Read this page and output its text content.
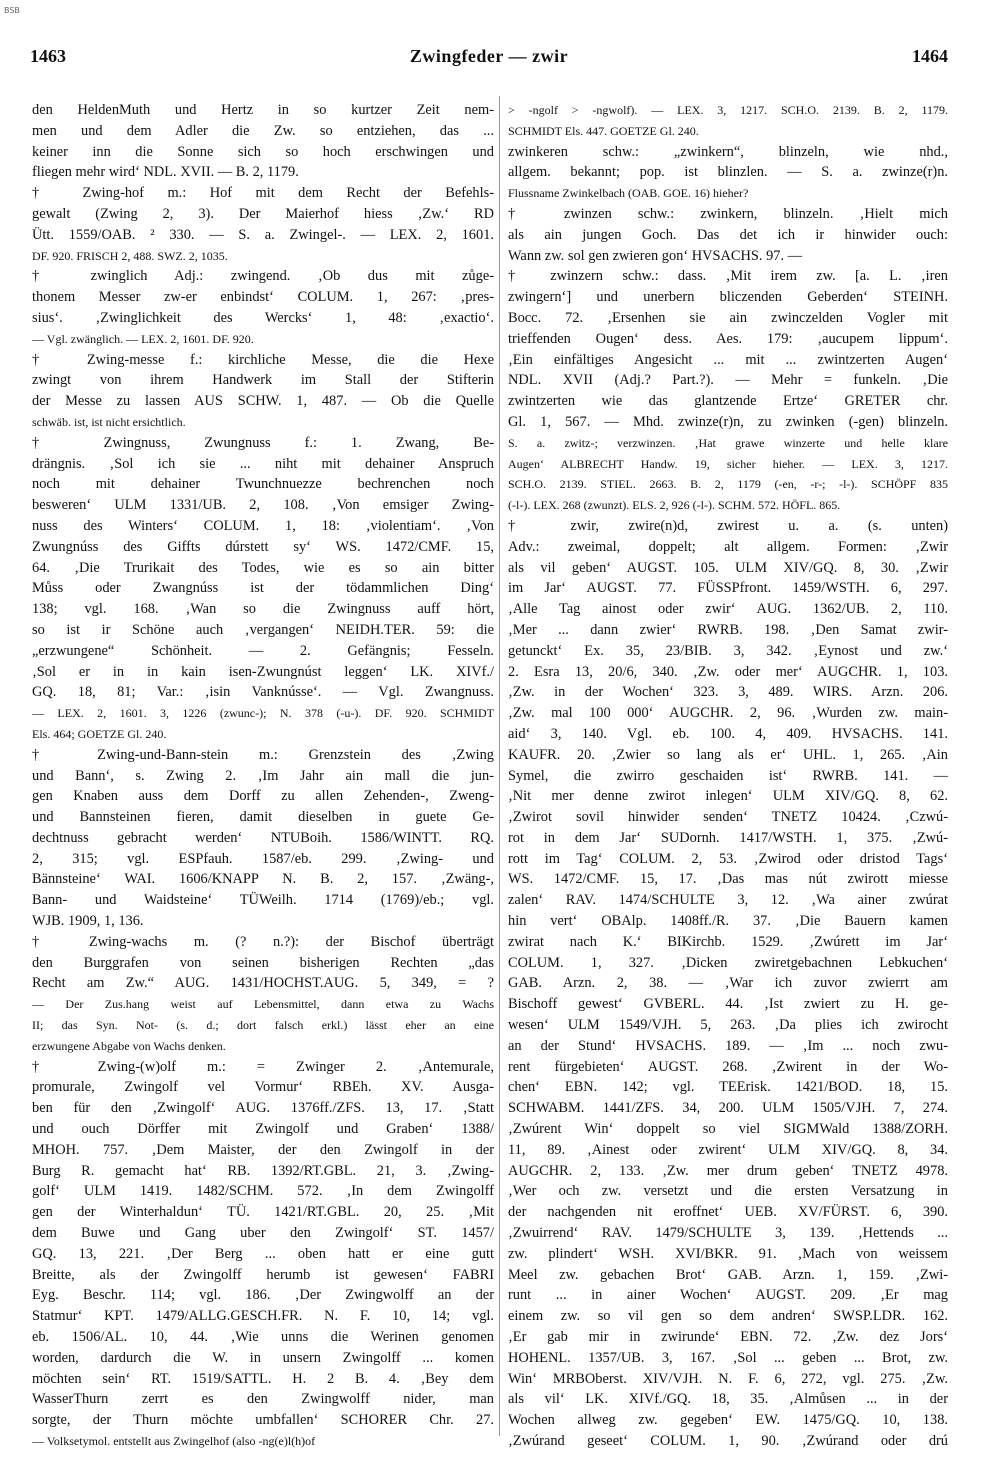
BSB
1463	Zwingfeder — zwir	1464
den HeldenMuth und Hertz in so kurtzer Zeit nem-
men und dem Adler die Zw. so entziehen, das ...
keiner inn die Sonne sich so hoch erschwingen und
fliegen mehr wird‘ NDL. XVII. — B. 2, 1179.
† Zwing-hof m.: Hof mit dem Recht der Befehls-
gewalt (Zwing 2, 3). Der Maierhof hiess ‚Zw.‘ RD
Ütt. 1559/OAB. ² 330. — S. a. Zwingel-. — LEX. 2, 1601.
DF. 920. FRISCH 2, 488. SWZ. 2, 1035.
† zwinglich Adj.: zwingend. ‚Ob dus mit zůge-
thonem Messer zw-er enbindst‘ COLUM. 1, 267: ‚pres-
sius‘. ‚Zwinglichkeit des Wercks‘ 1, 48: ‚exactio‘.
— Vgl. zwänglich. — LEX. 2, 1601. DF. 920.
† Zwing-messe f.: kirchliche Messe, die die Hexe
zwingt von ihrem Handwerk im Stall der Stifterin
der Messe zu lassen AUS SCHW. 1, 487. — Ob die Quelle
schwäb. ist, ist nicht ersichtlich.
† Zwingnuss, Zwungnuss f.: 1. Zwang, Be-
drängnis. ‚Sol ich sie ... niht mit dehainer Anspruch
noch mit dehainer Twunchnuezze bechrenchen noch
besweren‘ ULM 1331/UB. 2, 108. ‚Von emsiger Zwing-
nuss des Winters‘ COLUM. 1, 18: ‚violentiam‘. ‚Von
Zwungnúss des Giffts dúrstett sy‘ WS. 1472/CMF. 15,
64. ‚Die Trurikait des Todes, wie es so ain bitter
Můss oder Zwangnúss ist der tödammlichen Ding‘
138; vgl. 168. ‚Wan so die Zwingnuss auff hört,
so ist ir Schöne auch ‚vergangen‘ NEIDH.TER. 59: die
„erzwungene“ Schönheit. — 2. Gefängnis; Fesseln.
‚Sol er in in kain isen-Zwungnúst leggen‘ LK. XIVf./
GQ. 18, 81; Var.: ‚isin Vanknússe‘. — Vgl. Zwangnuss.
— LEX. 2, 1601. 3, 1226 (zwunc-); N. 378 (-u-). DF. 920. SCHMIDT
Els. 464; GOETZE Gl. 240.
† Zwing-und-Bann-stein m.: Grenzstein des ‚Zwing
und Bann‘, s. Zwing 2. ‚Im Jahr ain mall die jun-
gen Knaben auss dem Dorff zu allen Zehenden-, Zweng-
und Bannsteinen fieren, damit dieselben in guete Ge-
dechtnuss gebracht werden‘ NTUBoih. 1586/WINTT. RQ.
2, 315; vgl. ESPfauh. 1587/eb. 299. ‚Zwing- und
Bännsteine‘ WAI. 1606/KNAPP N. B. 2, 157. ‚Zwäng-,
Bann- und Waidsteine‘ TÜWeilh. 1714 (1769)/eb.; vgl.
WJB. 1909, 1, 136.
† Zwing-wachs m. (? n.?): der Bischof überträgt
den Burggrafen von seinen bisherigen Rechten „das
Recht am Zw.“ AUG. 1431/HOCHST.AUG. 5, 349, = ?
— Der Zus.hang weist auf Lebensmittel, dann etwa zu Wachs
II; das Syn. Not- (s. d.; dort falsch erkl.) lässt eher an eine
erzwungene Abgabe von Wachs denken.
† Zwing-(w)olf m.: = Zwinger 2. ‚Antemurale,
promurale, Zwingolf vel Vormur‘ RBEh. XV. Ausga-
ben für den ‚Zwingolf‘ AUG. 1376ff./ZFS. 13, 17. ‚Statt
und ouch Dörffer mit Zwingolf und Graben‘ 1388/
MHOH. 757. ‚Dem Maister, der den Zwingolf in der
Burg R. gemacht hat‘ RB. 1392/RT.GBL. 21, 3. ‚Zwing-
golf‘ ULM 1419. 1482/SCHM. 572. ‚In dem Zwingolff
gen der Winterhaldun‘ TÜ. 1421/RT.GBL. 20, 25. ‚Mit
dem Buwe und Gang uber den Zwingolf‘ ST. 1457/
GQ. 13, 221. ‚Der Berg ... oben hatt er eine gutt
Breitte, als der Zwingolff herumb ist gewesen‘ FABRI
Eyg. Beschr. 114; vgl. 186. ‚Der Zwingwolff an der
Statmur‘ KPT. 1479/ALLG.GESCH.FR. N. F. 10, 14; vgl.
eb. 1506/AL. 10, 44. ‚Wie unns die Werinen genomen
worden, dardurch die W. in unsern Zwingolff ... komen
möchten sein‘ RT. 1519/SATTL. H. 2 B. 4. ‚Bey dem
WasserThurn zerrt es den Zwingwolff nider, man
sorgte, der Thurn möchte umbfallen‘ SCHORER Chr. 27.
— Volksetymol. entstellt aus Zwingelhof (also -ng(e)l(h)of
> -ngolf > -ngwolf). — LEX. 3, 1217. SCH.O. 2139. B. 2, 1179.
SCHMIDT Els. 447. GOETZE Gl. 240.
zwinkeren schw.: „zwinkern“, blinzeln, wie nhd.,
allgem. bekannt; pop. ist blinzlen. — S. a. zwinze(r)n.
Flussname Zwinkelbach (OAB. GOE. 16) hieher?
† zwinzen schw.: zwinkern, blinzeln. ‚Hielt mich
als ain jungen Goch. Das det ich ir hinwider ouch:
Wann zw. sol gen zwieren gon‘ HVSACHS. 97. —
† zwinzern schw.: dass. ‚Mit irem zw. [a. L. ‚iren
zwingern‘] und unerbern bliczenden Geberden‘ STEINH.
Bocc. 72. ‚Ersenhen sie ain zwinczelden Vogler mit
trieffenden Ougen‘ dess. Aes. 179: ‚aucupem lippum‘.
‚Ein einfältiges Angesicht ... mit ... zwintzerten Augen‘
NDL. XVII (Adj.? Part.?). — Mehr = funkeln. ‚Die
zwintzerten wie das glantzende Ertze‘ GRETER chr.
Gl. 1, 567. — Mhd. zwinze(r)n, zu zwinken (-gen) blinzeln.
S. a. zwitz-; verzwinzen. ‚Hat grawe winzerte und helle klare
Augen‘ ALBRECHT Handw. 19, sicher hieher. — LEX. 3, 1217.
SCH.O. 2139. STIEL. 2663. B. 2, 1179 (-en, -r-; -l-). SCHÖPF 835
(-l-). LEX. 268 (zwunzt). ELS. 2, 926 (-l-). SCHM. 572. HÖFL. 865.
† zwir, zwire(n)d, zwirest u. a. (s. unten)
Adv.: zweimal, doppelt; alt allgem. Formen: ‚Zwir
als vil geben‘ AUGST. 105. ULM XIV/GQ. 8, 30. ‚Zwir
im Jar‘ AUGST. 77. FÜSSPfront. 1459/WSTH. 6, 297.
‚Alle Tag ainost oder zwir‘ AUG. 1362/UB. 2, 110.
‚Mer ... dann zwier‘ RWRB. 198. ‚Den Samat zwir-
getunckt‘ Ex. 35, 23/BIB. 3, 342. ‚Eynost und zw.‘
2. Esra 13, 20/6, 340. ‚Zw. oder mer‘ AUGCHR. 1, 103.
‚Zw. in der Wochen‘ 323. 3, 489. WIRS. Arzn. 206.
‚Zw. mal 100 000‘ AUGCHR. 2, 96. ‚Wurden zw. main-
aid‘ 3, 140. Vgl. eb. 100. 4, 409. HVSACHS. 141.
KAUFR. 20. ‚Zwier so lang als er‘ UHL. 1, 265. ‚Ain
Symel, die zwirro geschaiden ist‘ RWRB. 141. —
‚Nit mer denne zwirot inlegen‘ ULM XIV/GQ. 8, 62.
‚Zwirot sovil hinwider senden‘ TNETZ 10424. ‚Czwú-
rot in dem Jar‘ SUDornh. 1417/WSTH. 1, 375. ‚Zwú-
rott im Tag‘ COLUM. 2, 53. ‚Zwirod oder dristod Tags‘
WS. 1472/CMF. 15, 17. ‚Das mas nút zwirott miesse
zalen‘ RAV. 1474/SCHULTE 3, 12. ‚Wa ainer zwúrat
hin vert‘ OBAlp. 1408ff./R. 37. ‚Die Bauern kamen
zwirat nach K.‘ BIKirchb. 1529. ‚Zwúrett im Jar‘
COLUM. 1, 327. ‚Dicken zwiretgebachnen Lebkuchen‘
GAB. Arzn. 2, 38. — ‚War ich zuvor zwierrt am
Bischoff gewest‘ GVBERL. 44. ‚Ist zwiert zu H. ge-
wesen‘ ULM 1549/VJH. 5, 263. ‚Da plies ich zwirocht
an der Stund‘ HVSACHS. 189. — ‚Im ... noch zwu-
rent fürgebieten‘ AUGST. 268. ‚Zwirent in der Wo-
chen‘ EBN. 142; vgl. TEErisk. 1421/BOD. 18, 15.
SCHWABM. 1441/ZFS. 34, 200. ULM 1505/VJH. 7, 274.
‚Zwúrent Win‘ doppelt so viel SIGMWald 1388/ZORH.
11, 89. ‚Ainest oder zwirent‘ ULM XIV/GQ. 8, 34.
AUGCHR. 2, 133. ‚Zw. mer drum geben‘ TNETZ 4978.
‚Wer och zw. versetzt und die ersten Versatzung in
der nachgenden nit eroffnet‘ UEB. XV/FÜRST. 6, 390.
‚Zwuirrend‘ RAV. 1479/SCHULTE 3, 139. ‚Hettends ...
zw. plindert‘ WSH. XVI/BKR. 91. ‚Mach von weissem
Meel zw. gebachen Brot‘ GAB. Arzn. 1, 159. ‚Zwi-
runt ... in ainer Wochen‘ AUGST. 209. ‚Er mag
einem zw. so vil gen so dem andren‘ SWSP.LDR. 162.
‚Er gab mir in zwirunde‘ EBN. 72. ‚Zw. dez Jors‘
HOHENL. 1357/UB. 3, 167. ‚Sol ... geben ... Brot, zw.
Win‘ MRBOberst. XIV/VJH. N. F. 6, 272, vgl. 275. ‚Zw.
als vil‘ LK. XIVf./GQ. 18, 35. ‚Almůsen ... in der
Wochen allweg zw. gegeben‘ EW. 1475/GQ. 10, 138.
‚Zwúrand geseet‘ COLUM. 1, 90. ‚Zwúrand oder drú
